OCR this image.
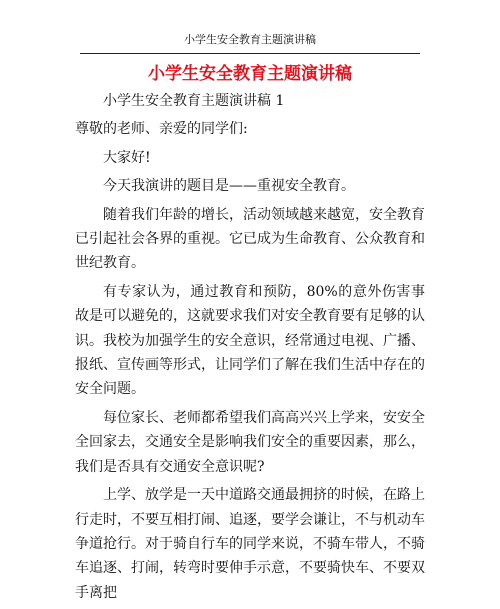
小学生安全教育主题演讲稿
小学生安全教育主题演讲稿

小学生安全教育主题演讲稿 1

尊敬的老师、亲爱的同学们:

大家好!

今天我演讲的题目是——重视安全教育。

随着我们年龄的增长，活动领域越来越宽，安全教育已引起社会各界的重视。它已成为生命教育、公众教育和世纪教育。

有专家认为，通过教育和预防，80%的意外伤害事故是可以避免的，这就要求我们对安全教育要有足够的认识。我校为加强学生的安全意识，经常通过电视、广播、报纸、宣传画等形式，让同学们了解在我们生活中存在的安全问题。

每位家长、老师都希望我们高高兴兴上学来，安安全全回家去，交通安全是影响我们安全的重要因素，那么，我们是否具有交通安全意识呢?

上学、放学是一天中道路交通最拥挤的时候，在路上行走时，不要互相打闹、追逐，要学会谦让，不与机动车争道抢行。对于骑自行车的同学来说，不骑车带人，不骑车追逐、打闹，转弯时要伸手示意，不要骑快车、不要双手离把
